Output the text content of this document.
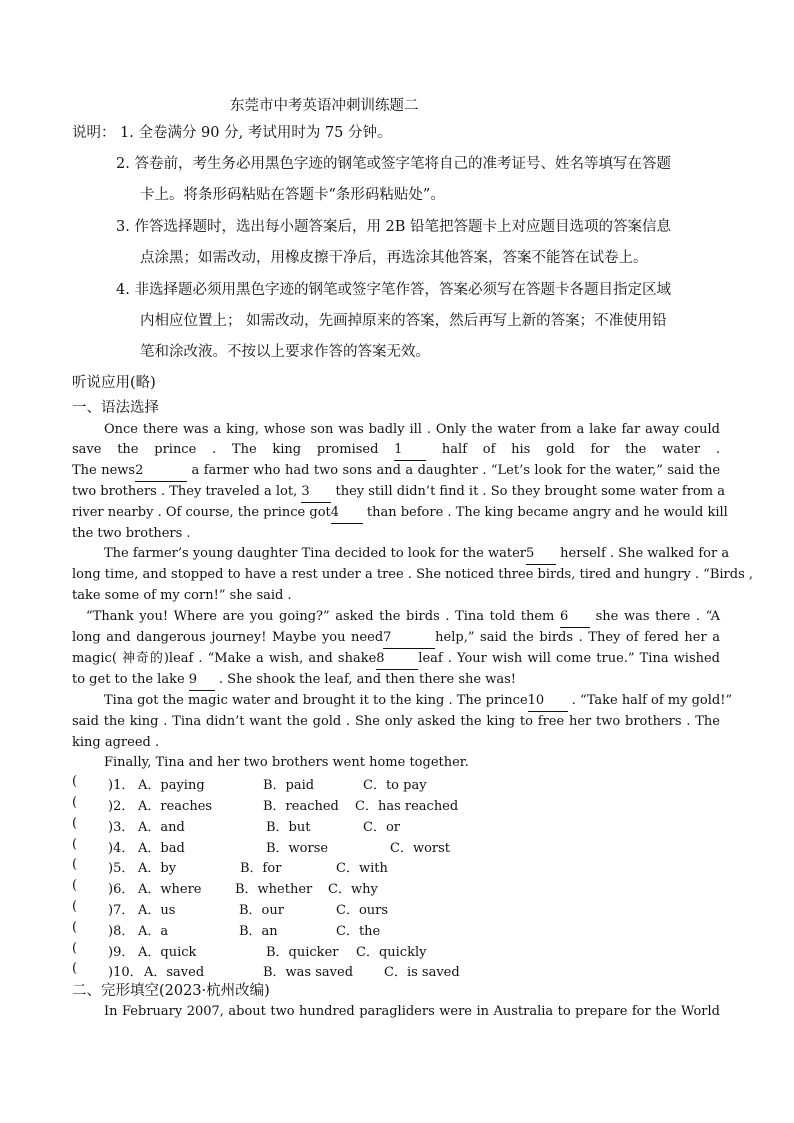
东莞市中考英语冲刺训练题二
说明： 1. 全卷满分 90 分, 考试用时为 75 分钟。
2. 答卷前，考生务必用黑色字迹的钢笔或签字笔将自己的准考证号、姓名等填写在答题
卡上。将条形码粘贴在答题卡“条形码粘贴处”。
3. 作答选择题时，选出每小题答案后，用 2B 铅笔把答题卡上对应题目选项的答案信息
点涂黑；如需改动，用橡皮擦干净后，再选涂其他答案，答案不能答在试卷上。
4. 非选择题必须用黑色字迹的钢笔或签字笔作答，答案必须写在答题卡各题目指定区域
内相应位置上； 如需改动，先画掉原来的答案，然后再写上新的答案；不准使用铅
笔和涂改液。不按以上要求作答的答案无效。
听说应用(略)
一、语法选择
Once there was a king, whose son was badly ill . Only the water from a lake far away could
save the prince . The king promised 1 half of his gold for the water .
The news2	a farmer who had two sons and a daughter . “Let’s look for the water,” said the
two brothers . They traveled a lot, 3 they still didn’t find it . So they brought some water from a
river nearby . Of course, the prince got4 than before . The king became angry and he would kill
the two brothers .
The farmer’s young daughter Tina decided to look for the water5 herself . She walked for a
long time, and stopped to have a rest under a tree . She noticed three birds, tired and hungry . “Birds ,
take some of my corn!” she said .
“Thank you! Where are you going?” asked the birds . Tina told them 6 she was there . “A
long and dangerous journey! Maybe you need7	help,” said the birds . They of fered her a
magic( 神奇的)leaf . “Make a wish, and shake8	leaf . Your wish will come true.” Tina wished
to get to the lake 9 . She shook the leaf, and then there she was!
Tina got the magic water and brought it to the king . The prince10 . “Take half of my gold!”
said the king . Tina didn’t want the gold . She only asked the king to free her two brothers . The
king agreed .
Finally, Tina and her two brothers went home together.
( )1． A．paying	B．paid	C．to pay
( )2． A．reaches	B．reached C．has reached
( )3． A．and	B．but	C．or
( )4． A．bad	B．worse	C．worst
( )5． A．by	B．for	C．with
( )6． A．where	B．whether C．why
( )7． A．us	B．our	C．ours
( )8． A．a	B．an	C．the
( )9． A．quick	B．quicker C．quickly
( )10． A．saved	B．was saved C．is saved
二、完形填空(2023·杭州改编)
In February 2007, about two hundred paragliders were in Australia to prepare for the World
